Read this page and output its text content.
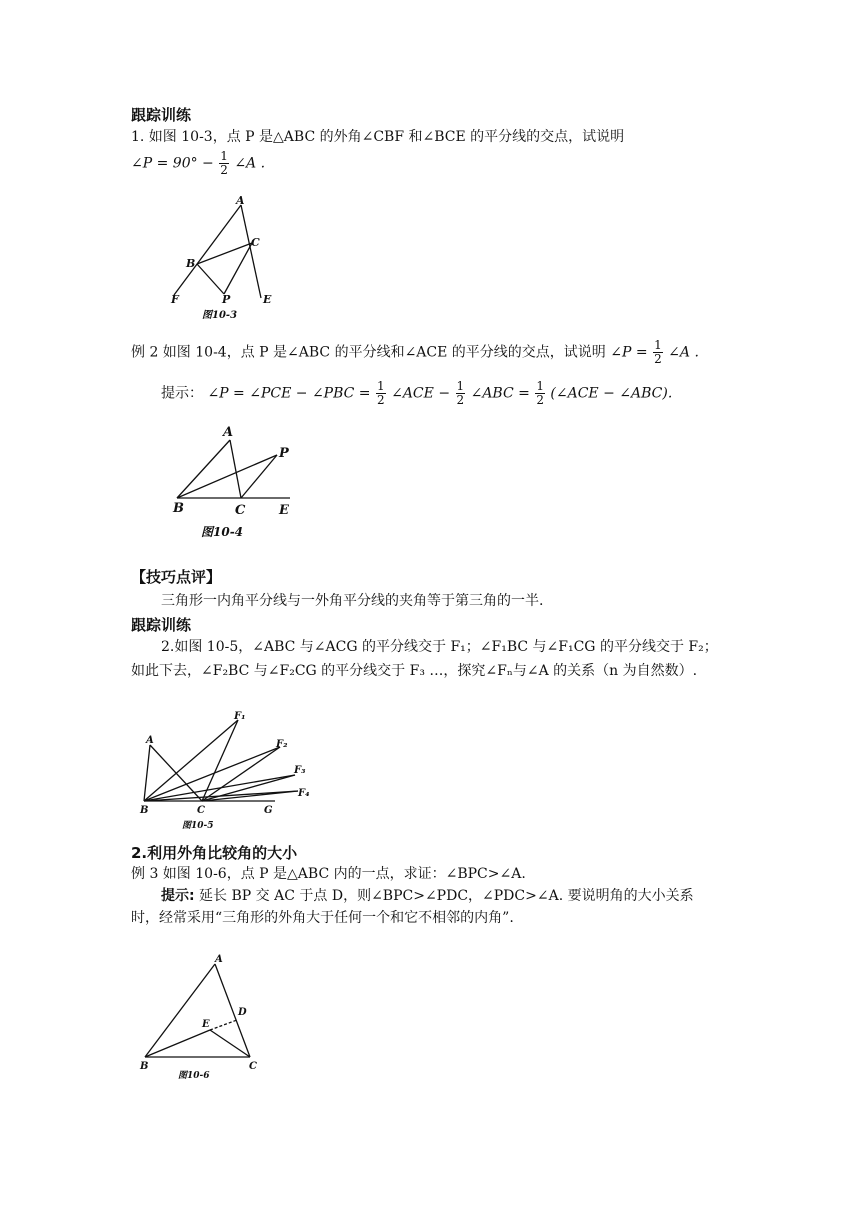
跟踪训练
1. 如图 10-3，点 P 是△ABC 的外角∠CBF 和∠BCE 的平分线的交点，试说明
∠P = $90^\circ - \frac{1}{2}$ ∠A .
A
B
C
F	P	E
图10-3
例 2 如图 10-4，点 P 是∠ABC 的平分线和∠ACE 的平分线的交点，试说明 ∠P = $\frac{1}{2}$ ∠A .
提示： ∠P = ∠PCE − ∠PBC = $\frac{1}{2}$ ∠ACE − $\frac{1}{2}$ ∠ABC = $\frac{1}{2}$ (∠ACE − ∠ABC).
A
P
B	C	E
图10-4
【技巧点评】
三角形一内角平分线与一外角平分线的夹角等于第三角的一半.
跟踪训练
2.如图 10-5，∠ABC 与∠ACG 的平分线交于 F₁；∠F₁BC 与∠F₁CG 的平分线交于 F₂；
如此下去，∠F₂BC 与∠F₂CG 的平分线交于 F₃ …，探究∠Fₙ与∠A 的关系（n 为自然数）.
A
F₁
F₂
F₃
F₄
B	C	G
图10-5
2.利用外角比较角的大小
例 3 如图 10-6，点 P 是△ABC 内的一点，求证：∠BPC>∠A.
提示: 延长 BP 交 AC 于点 D，则∠BPC>∠PDC，∠PDC>∠A. 要说明角的大小关系
时，经常采用“三角形的外角大于任何一个和它不相邻的内角”.
A
D
E
B	C
图10-6
